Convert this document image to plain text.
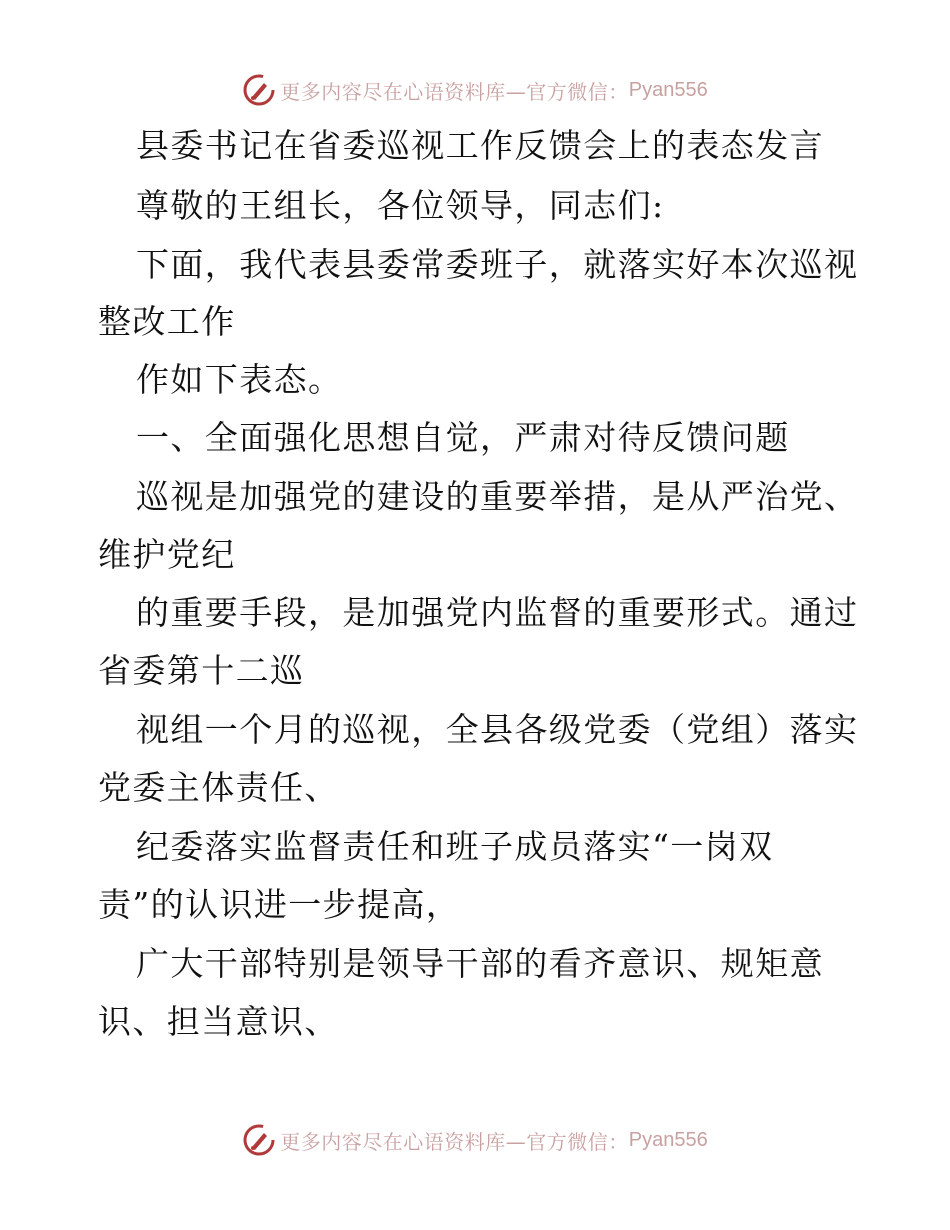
更多内容尽在心语资料库—官方微信： Pyan556
县委书记在省委巡视工作反馈会上的表态发言
尊敬的王组长，各位领导，同志们:
下面，我代表县委常委班子，就落实好本次巡视
整改工作
作如下表态。
一、全面强化思想自觉，严肃对待反馈问题
巡视是加强党的建设的重要举措，是从严治党、
维护党纪
的重要手段，是加强党内监督的重要形式。通过
省委第十二巡
视组一个月的巡视，全县各级党委（党组）落实
党委主体责任、
纪委落实监督责任和班子成员落实“一岗双
责”的认识进一步提高，
广大干部特别是领导干部的看齐意识、规矩意
识、担当意识、
更多内容尽在心语资料库—官方微信： Pyan556
